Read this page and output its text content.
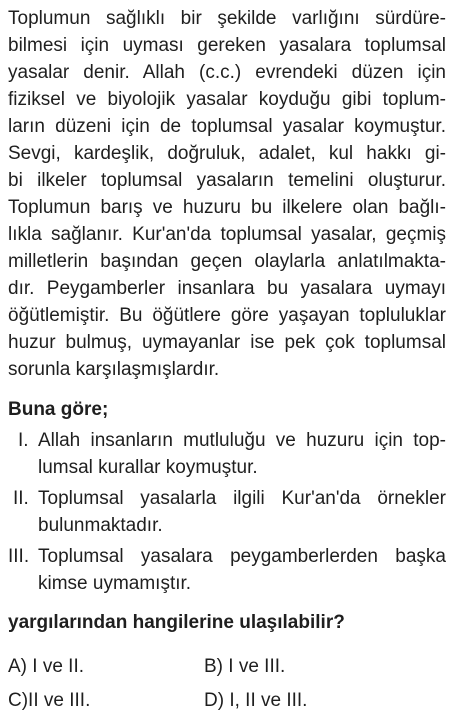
Toplumun sağlıklı bir şekilde varlığını sürdüre-
bilmesi için uyması gereken yasalara toplumsal
yasalar denir. Allah (c.c.) evrendeki düzen için
fiziksel ve biyolojik yasalar koyduğu gibi toplum-
ların düzeni için de toplumsal yasalar koymuştur.
Sevgi, kardeşlik, doğruluk, adalet, kul hakkı gi-
bi ilkeler toplumsal yasaların temelini oluşturur.
Toplumun barış ve huzuru bu ilkelere olan bağlı-
lıkla sağlanır. Kur'an'da toplumsal yasalar, geçmiş
milletlerin başından geçen olaylarla anlatılmakta-
dır. Peygamberler insanlara bu yasalara uymayı
öğütlemiştir. Bu öğütlere göre yaşayan topluluklar
huzur bulmuş, uymayanlar ise pek çok toplumsal
sorunla karşılaşmışlardır.
Buna göre;
I. Allah insanların mutluluğu ve huzuru için top-
lumsal kurallar koymuştur.
II. Toplumsal yasalarla ilgili Kur'an'da örnekler
bulunmaktadır.
III. Toplumsal yasalara peygamberlerden başka
kimse uymamıştır.
yargılarından hangilerine ulaşılabilir?
A) I ve II.	B) I ve III.
C)II ve III.	D) I, II ve III.
